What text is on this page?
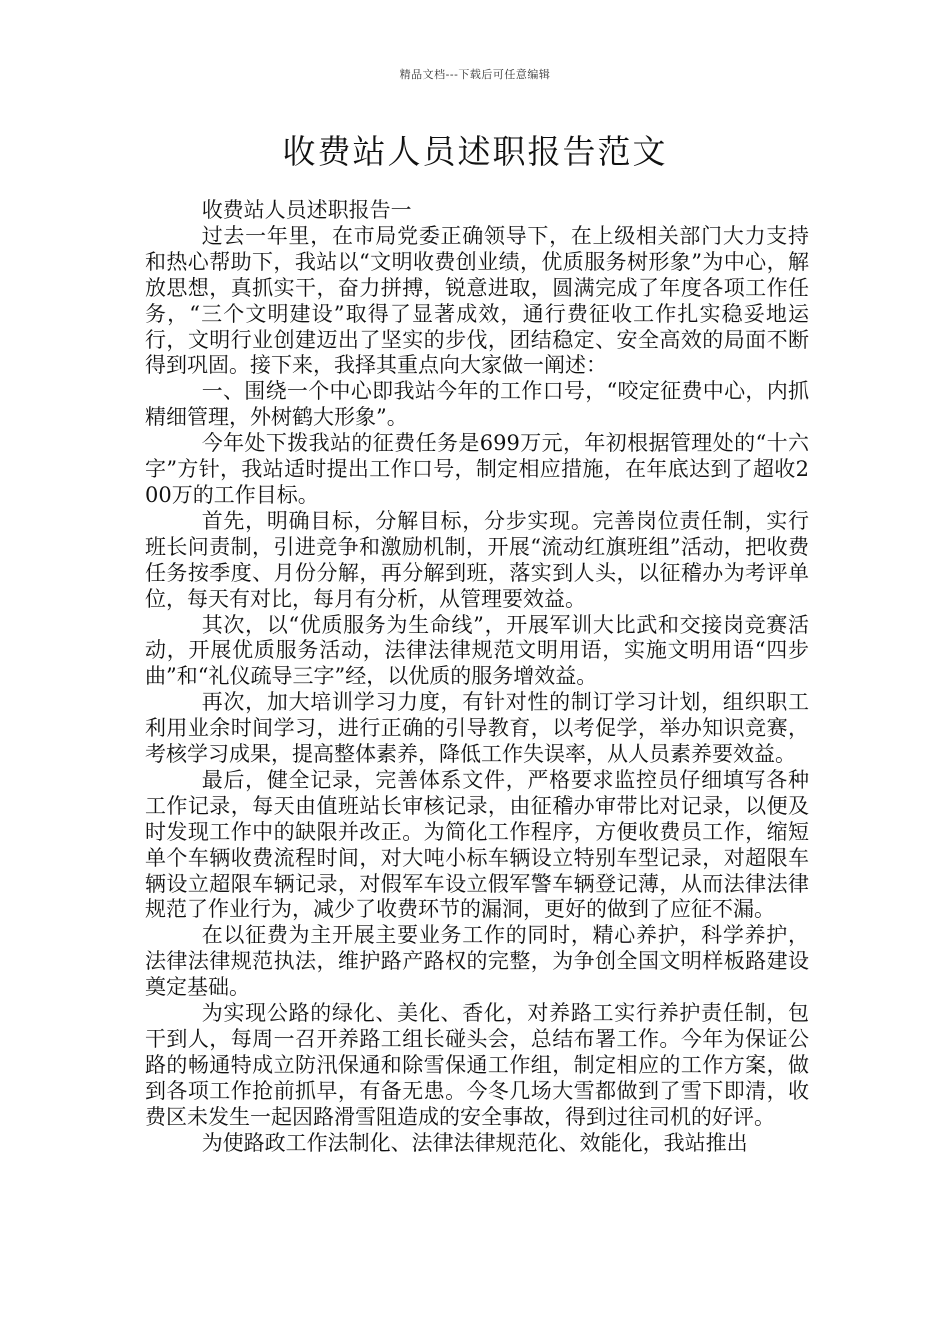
精品文档---下载后可任意编辑
收费站人员述职报告范文

收费站人员述职报告一

过去一年里，在市局党委正确领导下，在上级相关部门大力支持和热心帮助下，我站以“文明收费创业绩，优质服务树形象”为中心，解放思想，真抓实干，奋力拼搏，锐意进取，圆满完成了年度各项工作任务，“三个文明建设”取得了显著成效，通行费征收工作扎实稳妥地运行，文明行业创建迈出了坚实的步伐，团结稳定、安全高效的局面不断得到巩固。接下来，我择其重点向大家做一阐述：

一、围绕一个中心即我站今年的工作口号，“咬定征费中心，内抓精细管理，外树鹤大形象”。

今年处下拨我站的征费任务是699万元，年初根据管理处的“十六字”方针，我站适时提出工作口号，制定相应措施，在年底达到了超收200万的工作目标。

首先，明确目标，分解目标，分步实现。完善岗位责任制，实行班长问责制，引进竞争和激励机制，开展“流动红旗班组”活动，把收费任务按季度、月份分解，再分解到班，落实到人头，以征稽办为考评单位，每天有对比，每月有分析，从管理要效益。

其次，以“优质服务为生命线”，开展军训大比武和交接岗竞赛活动，开展优质服务活动，法律法律规范文明用语，实施文明用语“四步曲”和“礼仪疏导三字”经，以优质的服务增效益。

再次，加大培训学习力度，有针对性的制订学习计划，组织职工利用业余时间学习，进行正确的引导教育，以考促学，举办知识竞赛，考核学习成果，提高整体素养，降低工作失误率，从人员素养要效益。

最后，健全记录，完善体系文件，严格要求监控员仔细填写各种工作记录，每天由值班站长审核记录，由征稽办审带比对记录，以便及时发现工作中的缺限并改正。为简化工作程序，方便收费员工作，缩短单个车辆收费流程时间，对大吨小标车辆设立特别车型记录，对超限车辆设立超限车辆记录，对假军车设立假军警车辆登记薄，从而法律法律规范了作业行为，减少了收费环节的漏洞，更好的做到了应征不漏。

在以征费为主开展主要业务工作的同时，精心养护，科学养护，法律法律规范执法，维护路产路权的完整，为争创全国文明样板路建设奠定基础。

为实现公路的绿化、美化、香化，对养路工实行养护责任制，包干到人，每周一召开养路工组长碰头会，总结布署工作。今年为保证公路的畅通特成立防汛保通和除雪保通工作组，制定相应的工作方案，做到各项工作抢前抓早，有备无患。今冬几场大雪都做到了雪下即清，收费区未发生一起因路滑雪阻造成的安全事故，得到过往司机的好评。

为使路政工作法制化、法律法律规范化、效能化，我站推出
